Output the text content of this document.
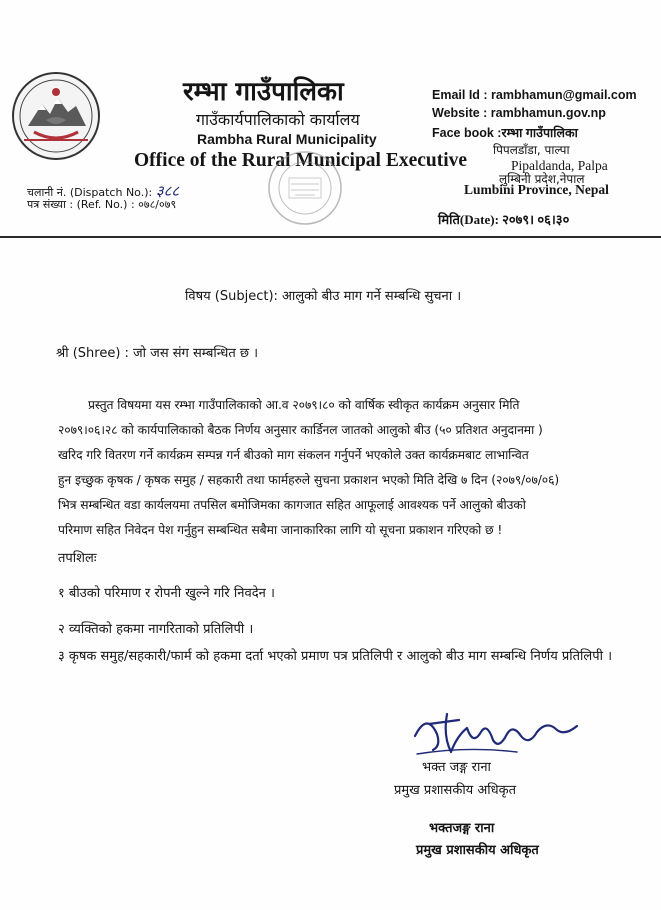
रम्भा गाउँपालिका
गाउँकार्यपालिकाको कार्यालय
Rambha Rural Municipality
Office of the Rural Municipal Executive
Email Id : rambhamun@gmail.com
Website : rambhamun.gov.np
Face book :रम्भा गाउँपालिका
पिपलडाँडा, पाल्पा
Pipaldanda, Palpa
लुम्बिनी प्रदेश,नेपाल
Lumbini Province, Nepal
चलानी नं. (Dispatch No.): ३८८
पत्र संख्या : (Ref. No.) : ०७८/०७९
मिति(Date): २०७९। ०६।३०
विषय (Subject): आलुको बीउ माग गर्ने सम्बन्धि सुचना ।
श्री (Shree) : जो जस संग सम्बन्धित छ ।
प्रस्तुत विषयमा यस रम्भा गाउँपालिकाको आ.व २०७९।८० को वार्षिक स्वीकृत कार्यक्रम अनुसार मिति
२०७९।०६।२८ को कार्यपालिकाको बैठक निर्णय अनुसार कार्डिनल जातको आलुको बीउ (५० प्रतिशत अनुदानमा )
खरिद गरि वितरण गर्ने कार्यक्रम सम्पन्न गर्न बीउको माग संकलन गर्नुपर्ने भएकोले उक्त कार्यक्रमबाट लाभान्वित
हुन इच्छुक कृषक / कृषक समुह / सहकारी तथा फार्महरुले सुचना प्रकाशन भएको मिति देखि ७ दिन (२०७९/०७/०६)
भित्र सम्बन्धित वडा कार्यलयमा तपसिल बमोजिमका कागजात सहित आफूलाई आवश्यक पर्ने आलुको बीउको
परिमाण सहित निवेदन पेश गर्नुहुन सम्बन्धित सबैमा जानाकारिका लागि यो सूचना प्रकाशन गरिएको छ !
तपशिलः
१ बीउको परिमाण र रोपनी खुल्ने गरि निवदेन ।
२ व्यक्तिको हकमा नागरिताको प्रतिलिपी ।
३ कृषक समुह/सहकारी/फार्म को हकमा दर्ता भएको प्रमाण पत्र प्रतिलिपी र आलुको बीउ माग सम्बन्धि निर्णय प्रतिलिपी ।
भक्त जङ्ग राना
प्रमुख प्रशासकीय अधिकृत
भक्तजङ्ग राना
प्रमुख प्रशासकीय अधिकृत
